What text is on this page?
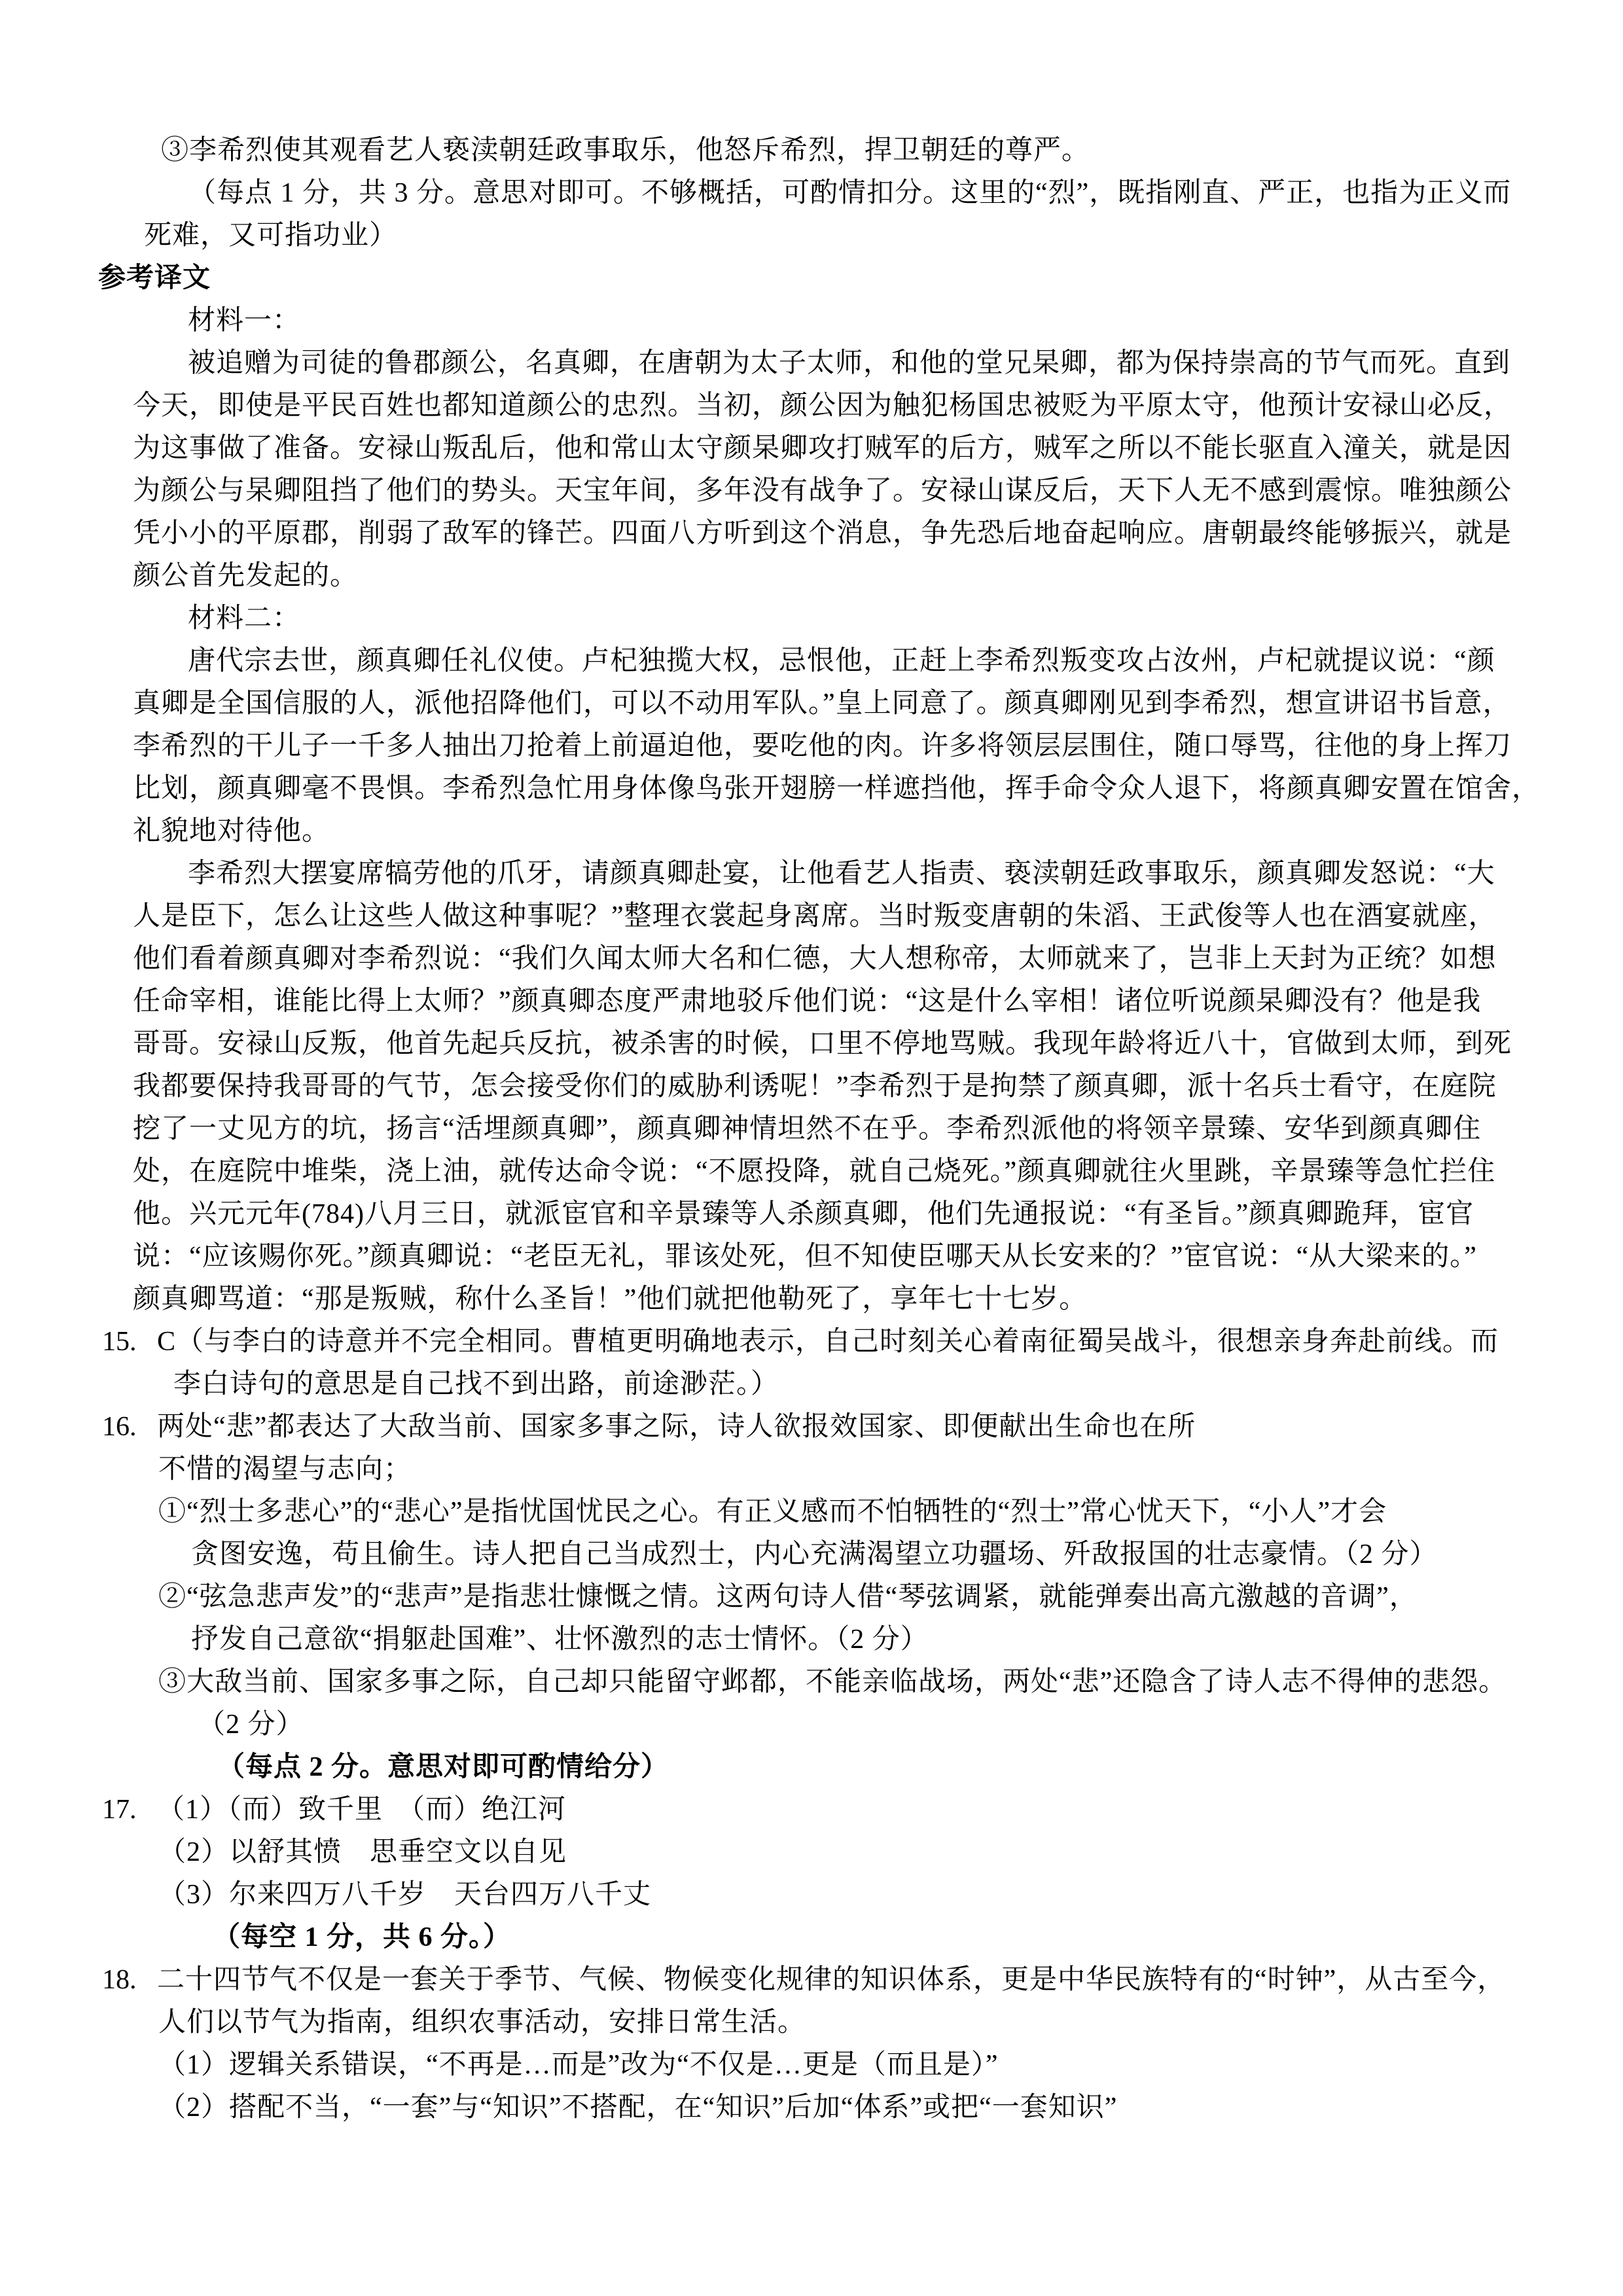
③李希烈使其观看艺人亵渎朝廷政事取乐，他怒斥希烈，捍卫朝廷的尊严。
（每点 1 分，共 3 分。意思对即可。不够概括，可酌情扣分。这里的“烈”，既指刚直、严正，也指为正义而
死难，又可指功业）
参考译文
材料一：
被追赠为司徒的鲁郡颜公，名真卿，在唐朝为太子太师，和他的堂兄杲卿，都为保持崇高的节气而死。直到
今天，即使是平民百姓也都知道颜公的忠烈。当初，颜公因为触犯杨国忠被贬为平原太守，他预计安禄山必反，
为这事做了准备。安禄山叛乱后，他和常山太守颜杲卿攻打贼军的后方，贼军之所以不能长驱直入潼关，就是因
为颜公与杲卿阻挡了他们的势头。天宝年间，多年没有战争了。安禄山谋反后，天下人无不感到震惊。唯独颜公
凭小小的平原郡，削弱了敌军的锋芒。四面八方听到这个消息，争先恐后地奋起响应。唐朝最终能够振兴，就是
颜公首先发起的。
材料二：
唐代宗去世，颜真卿任礼仪使。卢杞独揽大权，忌恨他，正赶上李希烈叛变攻占汝州，卢杞就提议说：“颜
真卿是全国信服的人，派他招降他们，可以不动用军队。”皇上同意了。颜真卿刚见到李希烈，想宣讲诏书旨意，
李希烈的干儿子一千多人抽出刀抢着上前逼迫他，要吃他的肉。许多将领层层围住，随口辱骂，往他的身上挥刀
比划，颜真卿毫不畏惧。李希烈急忙用身体像鸟张开翅膀一样遮挡他，挥手命令众人退下，将颜真卿安置在馆舍，
礼貌地对待他。
李希烈大摆宴席犒劳他的爪牙，请颜真卿赴宴，让他看艺人指责、亵渎朝廷政事取乐，颜真卿发怒说：“大
人是臣下，怎么让这些人做这种事呢？”整理衣裳起身离席。当时叛变唐朝的朱滔、王武俊等人也在酒宴就座，
他们看着颜真卿对李希烈说：“我们久闻太师大名和仁德，大人想称帝，太师就来了，岂非上天封为正统？如想
任命宰相，谁能比得上太师？”颜真卿态度严肃地驳斥他们说：“这是什么宰相！诸位听说颜杲卿没有？他是我
哥哥。安禄山反叛，他首先起兵反抗，被杀害的时候，口里不停地骂贼。我现年龄将近八十，官做到太师，到死
我都要保持我哥哥的气节，怎会接受你们的威胁利诱呢！”李希烈于是拘禁了颜真卿，派十名兵士看守，在庭院
挖了一丈见方的坑，扬言“活埋颜真卿”，颜真卿神情坦然不在乎。李希烈派他的将领辛景臻、安华到颜真卿住
处，在庭院中堆柴，浇上油，就传达命令说：“不愿投降，就自己烧死。”颜真卿就往火里跳，辛景臻等急忙拦住
他。兴元元年(784)八月三日，就派宦官和辛景臻等人杀颜真卿，他们先通报说：“有圣旨。”颜真卿跪拜，宦官
说：“应该赐你死。”颜真卿说：“老臣无礼，罪该处死，但不知使臣哪天从长安来的？”宦官说：“从大梁来的。”
颜真卿骂道：“那是叛贼，称什么圣旨！”他们就把他勒死了，享年七十七岁。
15. C（与李白的诗意并不完全相同。曹植更明确地表示，自己时刻关心着南征蜀吴战斗，很想亲身奔赴前线。而
李白诗句的意思是自己找不到出路，前途渺茫。）
16. 两处“悲”都表达了大敌当前、国家多事之际，诗人欲报效国家、即便献出生命也在所
不惜的渴望与志向；
①“烈士多悲心”的“悲心”是指忧国忧民之心。有正义感而不怕牺牲的“烈士”常心忧天下，“小人”才会
贪图安逸，苟且偷生。诗人把自己当成烈士，内心充满渴望立功疆场、歼敌报国的壮志豪情。（2 分）
②“弦急悲声发”的“悲声”是指悲壮慷慨之情。这两句诗人借“琴弦调紧，就能弹奏出高亢激越的音调”，
抒发自己意欲“捐躯赴国难”、壮怀激烈的志士情怀。（2 分）
③大敌当前、国家多事之际，自己却只能留守邺都，不能亲临战场，两处“悲”还隐含了诗人志不得伸的悲怨。
（2 分）
（每点 2 分。意思对即可酌情给分）
17. （1）（而）致千里　（而）绝江河
（2）以舒其愤　思垂空文以自见
（3）尔来四万八千岁　天台四万八千丈
（每空 1 分，共 6 分。）
18. 二十四节气不仅是一套关于季节、气候、物候变化规律的知识体系，更是中华民族特有的“时钟”，从古至今，
人们以节气为指南，组织农事活动，安排日常生活。
（1）逻辑关系错误，“不再是…而是”改为“不仅是…更是（而且是）”
（2）搭配不当，“一套”与“知识”不搭配，在“知识”后加“体系”或把“一套知识”
